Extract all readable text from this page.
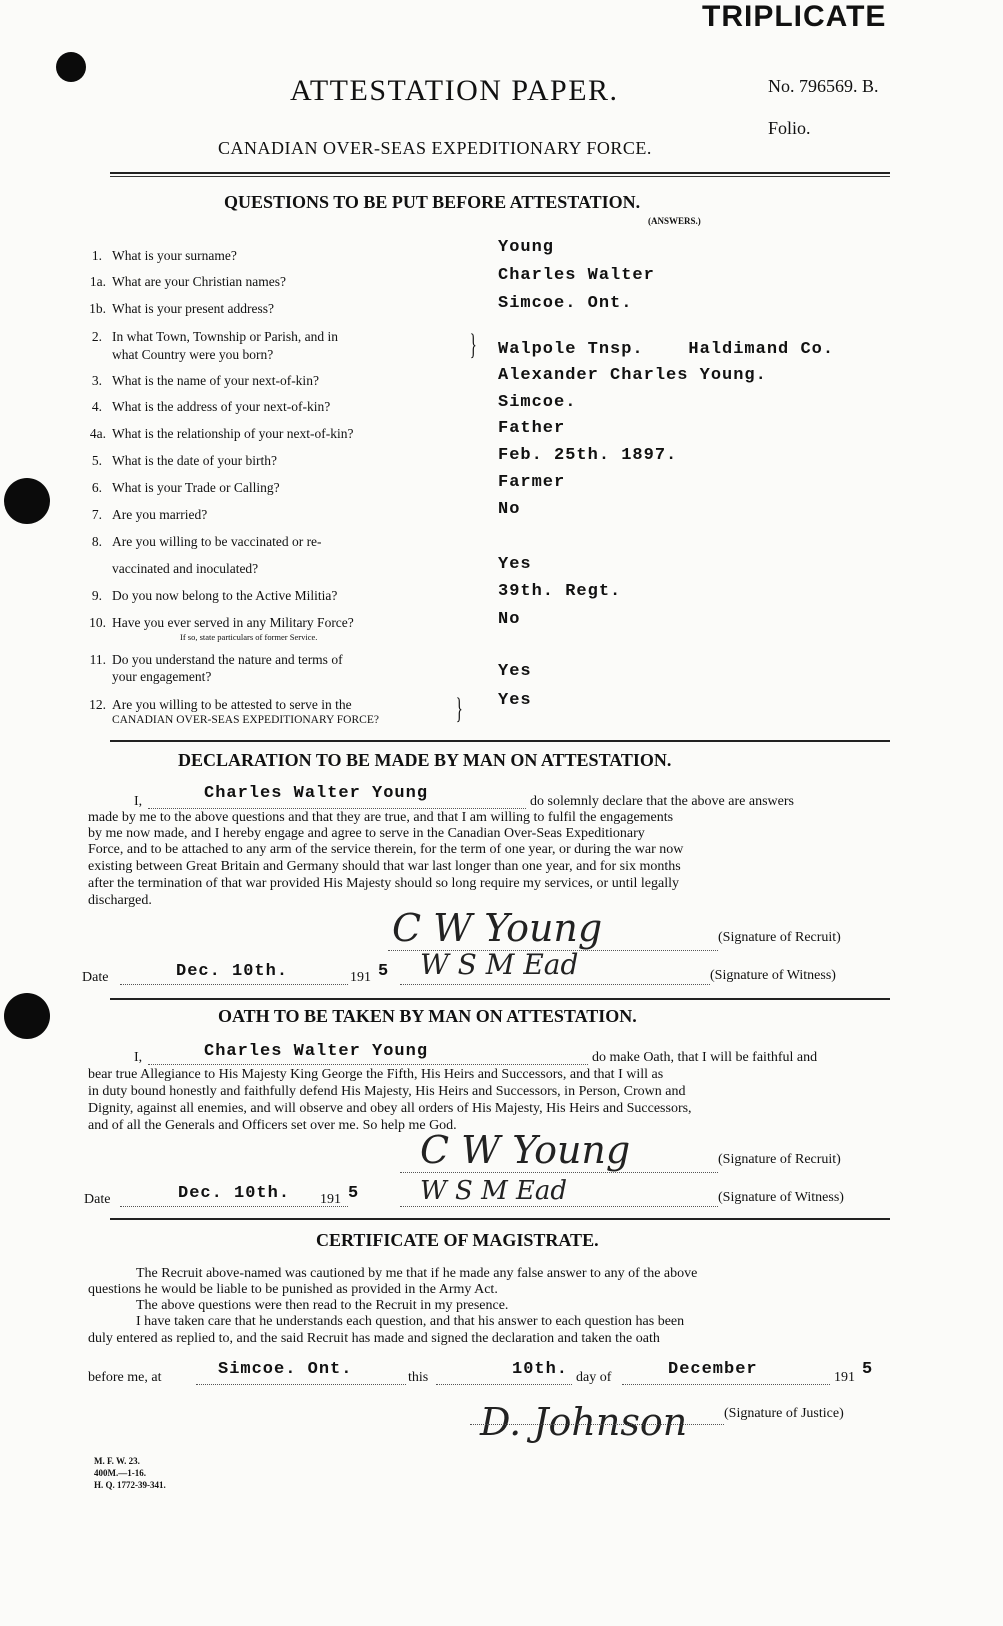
TRIPLICATE
ATTESTATION PAPER.	No. 796569. B.
Folio.
CANADIAN OVER-SEAS EXPEDITIONARY FORCE.
QUESTIONS TO BE PUT BEFORE ATTESTATION.
(ANSWERS.)
1. What is your surname?	Young
1a. What are your Christian names?	Charles Walter
1b. What is your present address?	Simcoe. Ont.
2. In what Town, Township or Parish, and in
what Country were you born?	} Walpole Tnsp.    Haldimand Co.
3. What is the name of your next-of-kin?	Alexander Charles Young.
4. What is the address of your next-of-kin?	Simcoe.
4a. What is the relationship of your next-of-kin?	Father
5. What is the date of your birth?	Feb. 25th. 1897.
6. What is your Trade or Calling?	Farmer
7. Are you married?	No
8. Are you willing to be vaccinated or re-
vaccinated and inoculated?	Yes
9. Do you now belong to the Active Militia?	39th. Regt.
10. Have you ever served in any Military Force?
If so, state particulars of former Service.
No
11. Do you understand the nature and terms of
your engagement?	Yes
12. Are you willing to be attested to serve in the
CANADIAN OVER-SEAS EXPEDITIONARY FORCE?	} Yes
DECLARATION TO BE MADE BY MAN ON ATTESTATION.
I,	Charles Walter Young	do solemnly declare that the above are answers
made by me to the above questions and that they are true, and that I am willing to fulfil the engagements
by me now made, and I hereby engage and agree to serve in the Canadian Over-Seas Expeditionary
Force, and to be attached to any arm of the service therein, for the term of one year, or during the war now
existing between Great Britain and Germany should that war last longer than one year, and for six months
after the termination of that war provided His Majesty should so long require my services, or until legally
discharged.
C W Young	(Signature of Recruit)
Date	Dec. 10th.	191 5 W S M Ead	(Signature of Witness)
OATH TO BE TAKEN BY MAN ON ATTESTATION.
I,	Charles Walter Young	do make Oath, that I will be faithful and
bear true Allegiance to His Majesty King George the Fifth, His Heirs and Successors, and that I will as
in duty bound honestly and faithfully defend His Majesty, His Heirs and Successors, in Person, Crown and
Dignity, against all enemies, and will observe and obey all orders of His Majesty, His Heirs and Successors,
and of all the Generals and Officers set over me. So help me God.
C W Young	(Signature of Recruit)
Date	Dec. 10th. 191 5 W S M Ead	(Signature of Witness)
CERTIFICATE OF MAGISTRATE.
The Recruit above-named was cautioned by me that if he made any false answer to any of the above
questions he would be liable to be punished as provided in the Army Act.
The above questions were then read to the Recruit in my presence.
I have taken care that he understands each question, and that his answer to each question has been
duly entered as replied to, and the said Recruit has made and signed the declaration and taken the oath
before me, at	Simcoe. Ont.	this	10th. day of	December	191 5
D. Johnson	(Signature of Justice)
M. F. W. 23.
400M.—1-16.
H. Q. 1772-39-341.
